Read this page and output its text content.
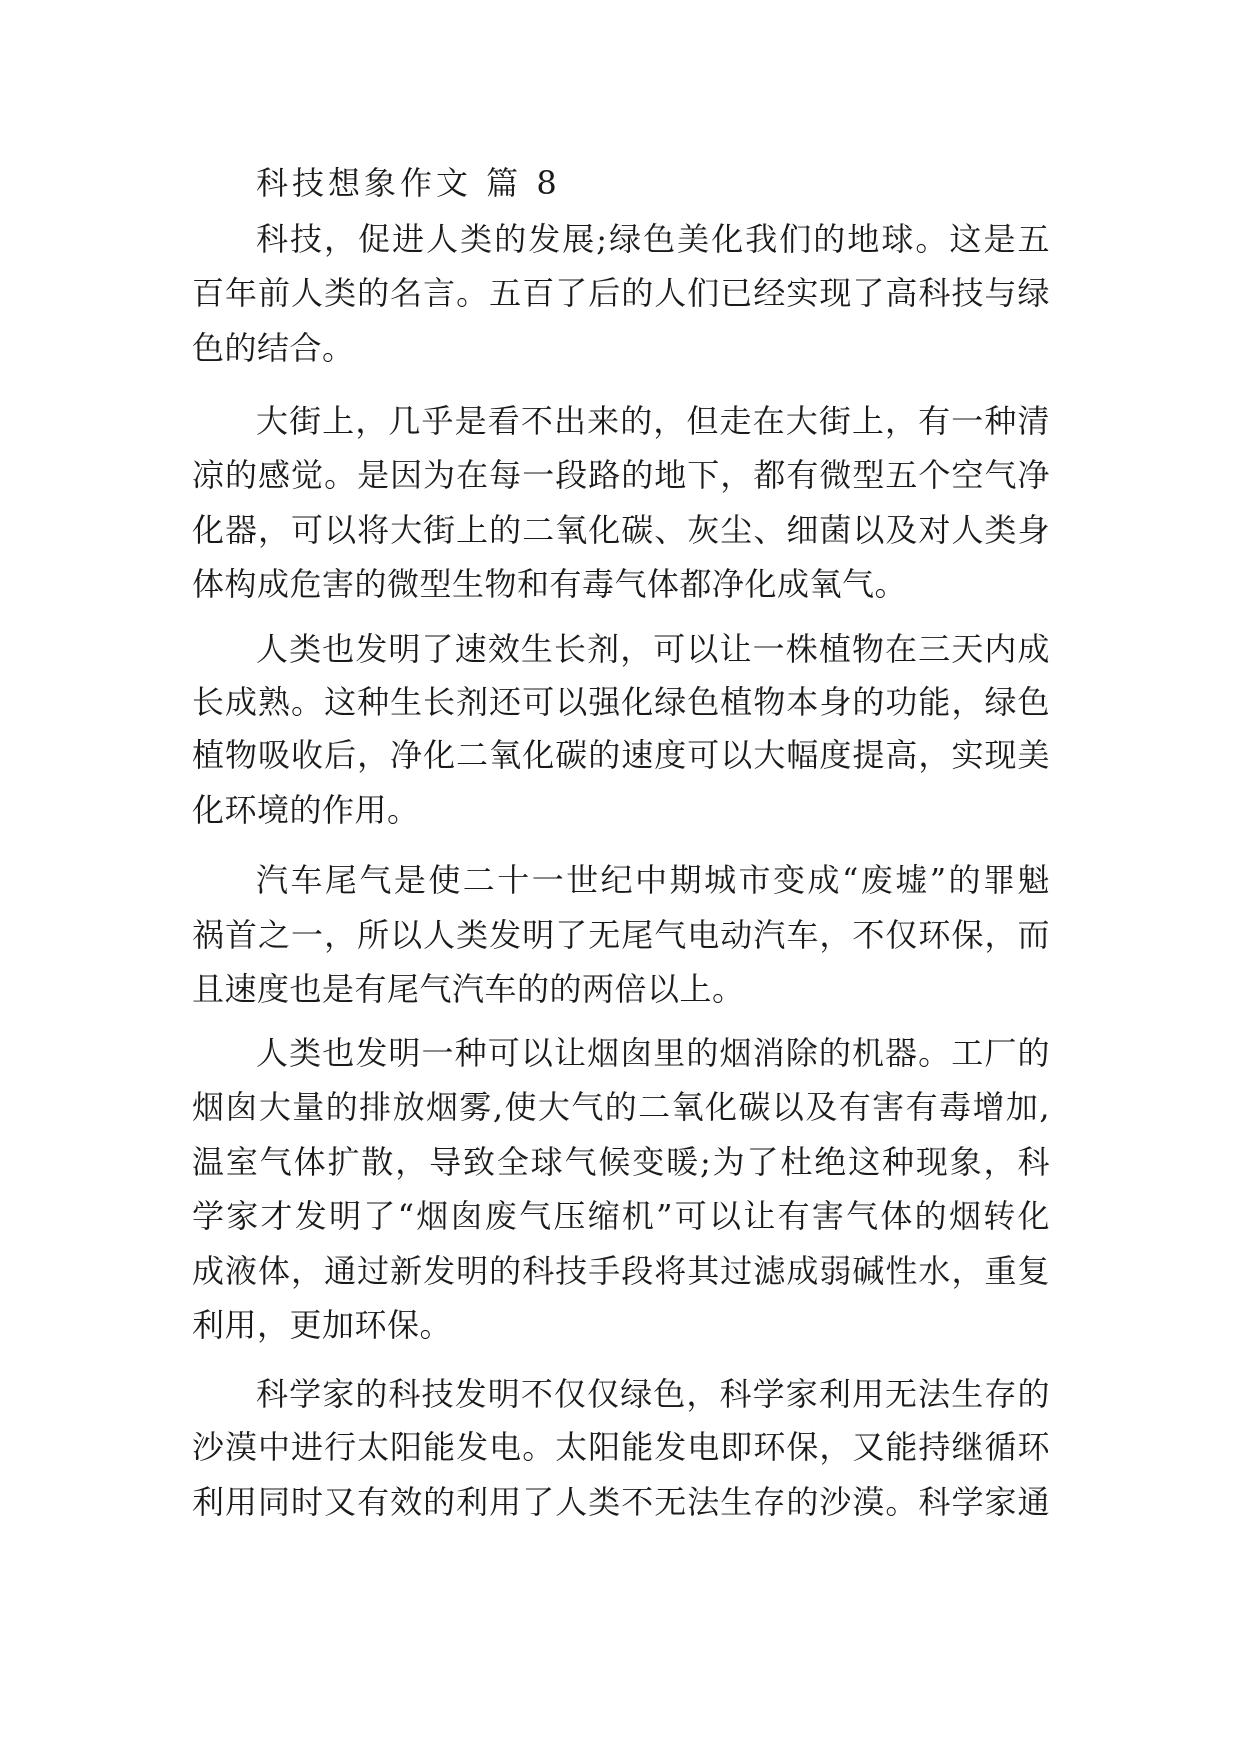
科技想象作文 篇 8

科技，促进人类的发展;绿色美化我们的地球。这是五

百年前人类的名言。五百了后的人们已经实现了高科技与绿

色的结合。

大街上，几乎是看不出来的，但走在大街上，有一种清

凉的感觉。是因为在每一段路的地下，都有微型五个空气净

化器，可以将大街上的二氧化碳、灰尘、细菌以及对人类身

体构成危害的微型生物和有毒气体都净化成氧气。

人类也发明了速效生长剂，可以让一株植物在三天内成

长成熟。这种生长剂还可以强化绿色植物本身的功能，绿色

植物吸收后，净化二氧化碳的速度可以大幅度提高，实现美

化环境的作用。

汽车尾气是使二十一世纪中期城市变成“废墟”的罪魁

祸首之一，所以人类发明了无尾气电动汽车，不仅环保，而

且速度也是有尾气汽车的的两倍以上。

人类也发明一种可以让烟囱里的烟消除的机器。工厂的

烟囱大量的排放烟雾,使大气的二氧化碳以及有害有毒增加,

温室气体扩散，导致全球气候变暖;为了杜绝这种现象，科

学家才发明了“烟囱废气压缩机”可以让有害气体的烟转化

成液体，通过新发明的科技手段将其过滤成弱碱性水，重复

利用，更加环保。

科学家的科技发明不仅仅绿色，科学家利用无法生存的

沙漠中进行太阳能发电。太阳能发电即环保，又能持继循环

利用同时又有效的利用了人类不无法生存的沙漠。科学家通
